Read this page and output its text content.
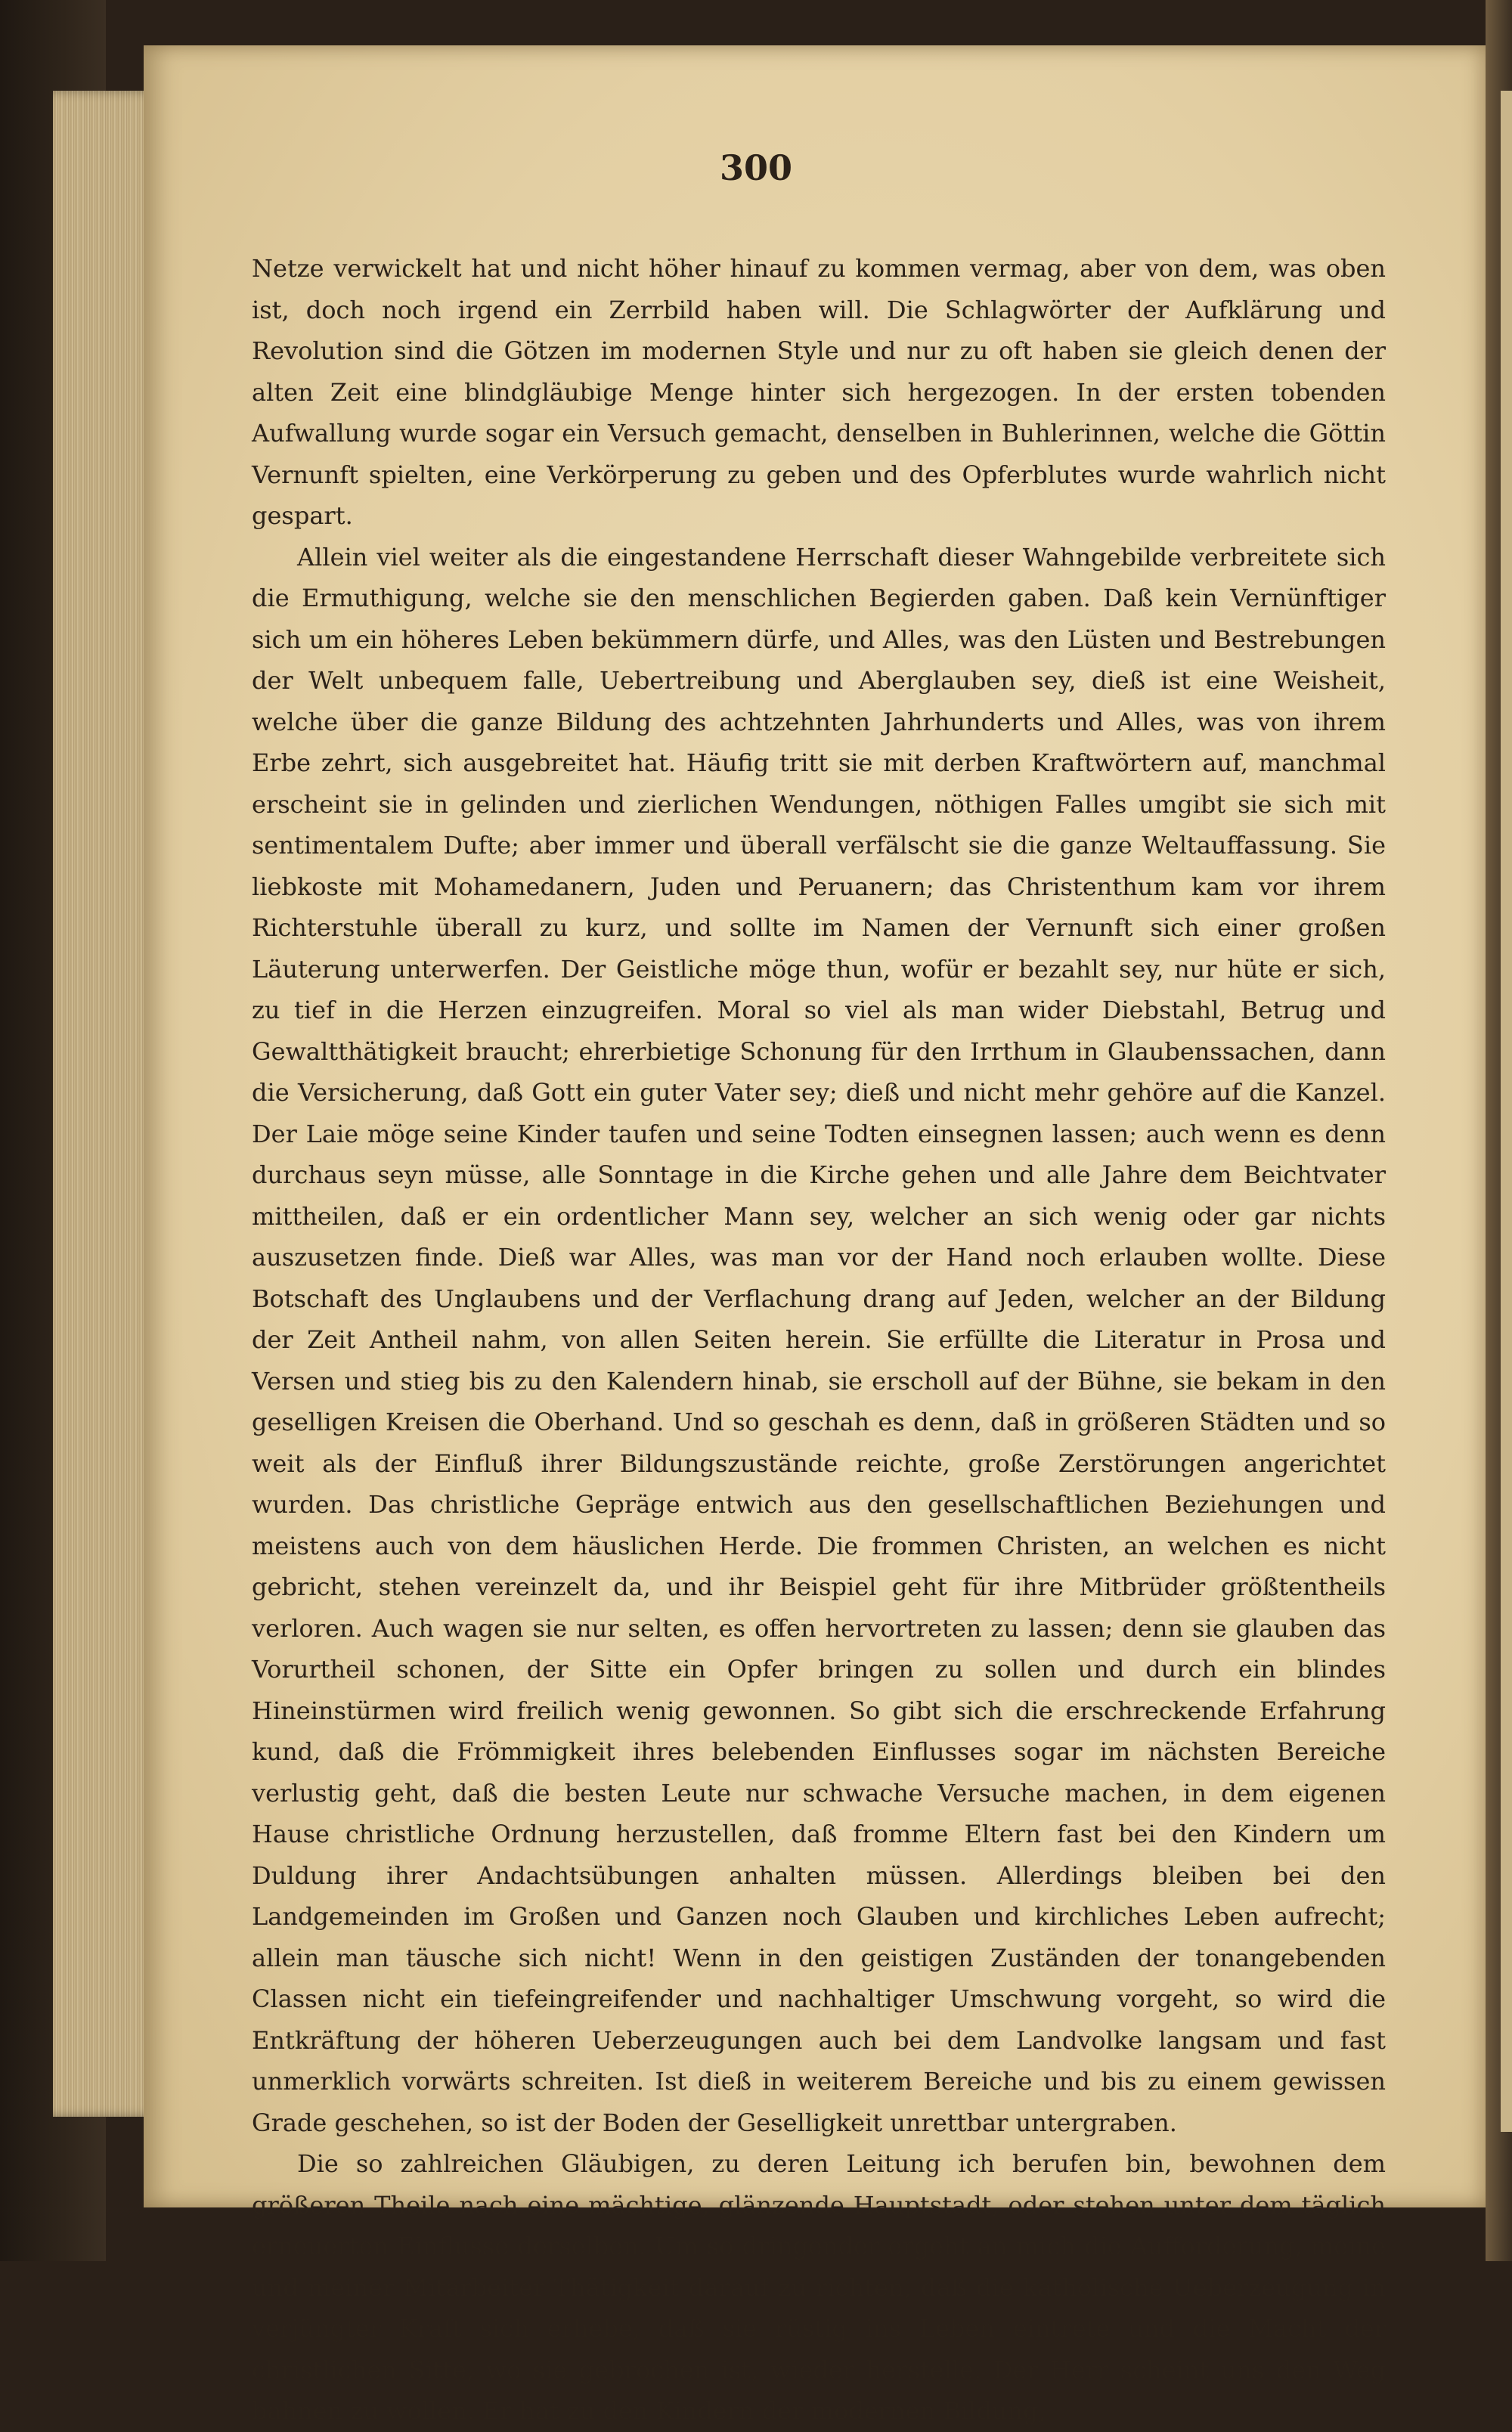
300

Netze verwickelt hat und nicht höher hinauf zu kommen vermag, aber von dem, was oben ist, doch noch irgend ein Zerrbild haben will. Die Schlagwörter der Aufklärung und Revolution sind die Götzen im modernen Style und nur zu oft haben sie gleich denen der alten Zeit eine blindgläubige Menge hinter sich hergezogen. In der ersten tobenden Aufwallung wurde sogar ein Versuch gemacht, denselben in Buhlerinnen, welche die Göttin Vernunft spielten, eine Verkörperung zu geben und des Opferblutes wurde wahrlich nicht gespart.

Allein viel weiter als die eingestandene Herrschaft dieser Wahngebilde verbreitete sich die Ermuthigung, welche sie den menschlichen Begierden gaben. Daß kein Vernünftiger sich um ein höheres Leben bekümmern dürfe, und Alles, was den Lüsten und Bestrebungen der Welt unbequem falle, Uebertreibung und Aberglauben sey, dieß ist eine Weisheit, welche über die ganze Bildung des achtzehnten Jahrhunderts und Alles, was von ihrem Erbe zehrt, sich ausgebreitet hat. Häufig tritt sie mit derben Kraftwörtern auf, manchmal erscheint sie in gelinden und zierlichen Wendungen, nöthigen Falles umgibt sie sich mit sentimentalem Dufte; aber immer und überall verfälscht sie die ganze Weltauffassung. Sie liebkoste mit Mohamedanern, Juden und Peruanern; das Christenthum kam vor ihrem Richterstuhle überall zu kurz, und sollte im Namen der Vernunft sich einer großen Läuterung unterwerfen. Der Geistliche möge thun, wofür er bezahlt sey, nur hüte er sich, zu tief in die Herzen einzugreifen. Moral so viel als man wider Diebstahl, Betrug und Gewaltthätigkeit braucht; ehrerbietige Schonung für den Irrthum in Glaubenssachen, dann die Versicherung, daß Gott ein guter Vater sey; dieß und nicht mehr gehöre auf die Kanzel. Der Laie möge seine Kinder taufen und seine Todten einsegnen lassen; auch wenn es denn durchaus seyn müsse, alle Sonntage in die Kirche gehen und alle Jahre dem Beichtvater mittheilen, daß er ein ordentlicher Mann sey, welcher an sich wenig oder gar nichts auszusetzen finde. Dieß war Alles, was man vor der Hand noch erlauben wollte. Diese Botschaft des Unglaubens und der Verflachung drang auf Jeden, welcher an der Bildung der Zeit Antheil nahm, von allen Seiten herein. Sie erfüllte die Literatur in Prosa und Versen und stieg bis zu den Kalendern hinab, sie erscholl auf der Bühne, sie bekam in den geselligen Kreisen die Oberhand. Und so geschah es denn, daß in größeren Städten und so weit als der Einfluß ihrer Bildungszustände reichte, große Zerstörungen angerichtet wurden. Das christliche Gepräge entwich aus den gesellschaftlichen Beziehungen und meistens auch von dem häuslichen Herde. Die frommen Christen, an welchen es nicht gebricht, stehen vereinzelt da, und ihr Beispiel geht für ihre Mitbrüder größtentheils verloren. Auch wagen sie nur selten, es offen hervortreten zu lassen; denn sie glauben das Vorurtheil schonen, der Sitte ein Opfer bringen zu sollen und durch ein blindes Hineinstürmen wird freilich wenig gewonnen. So gibt sich die erschreckende Erfahrung kund, daß die Frömmigkeit ihres belebenden Einflusses sogar im nächsten Bereiche verlustig geht, daß die besten Leute nur schwache Versuche machen, in dem eigenen Hause christliche Ordnung herzustellen, daß fromme Eltern fast bei den Kindern um Duldung ihrer Andachtsübungen anhalten müssen. Allerdings bleiben bei den Landgemeinden im Großen und Ganzen noch Glauben und kirchliches Leben aufrecht; allein man täusche sich nicht! Wenn in den geistigen Zuständen der tonangebenden Classen nicht ein tiefeingreifender und nachhaltiger Umschwung vorgeht, so wird die Entkräftung der höheren Ueberzeugungen auch bei dem Landvolke langsam und fast unmerklich vorwärts schreiten. Ist dieß in weiterem Bereiche und bis zu einem gewissen Grade geschehen, so ist der Boden der Geselligkeit unrettbar untergraben.

Die so zahlreichen Gläubigen, zu deren Leitung ich berufen bin, bewohnen dem größeren Theile nach eine mächtige, glänzende Hauptstadt, oder stehen unter dem täglich erneuerten Einflusse derselben. Um so dringender ergeht an mich die Aufforderung, meine und meiner Mitarbeiter Thätigkeit darauf zu richten, daß die katholische Ueberzeugung in verjüngter Kraft sich erhebe, daß sie rüstig ins Leben eintrete und die Macht der christlichen Sitte, wo sie gebrochen ist, wieder herstelle. Der Herr scheint uns den Weg bahnen zu wollen. Er hat zu den Kindern der modernen Bildung,
